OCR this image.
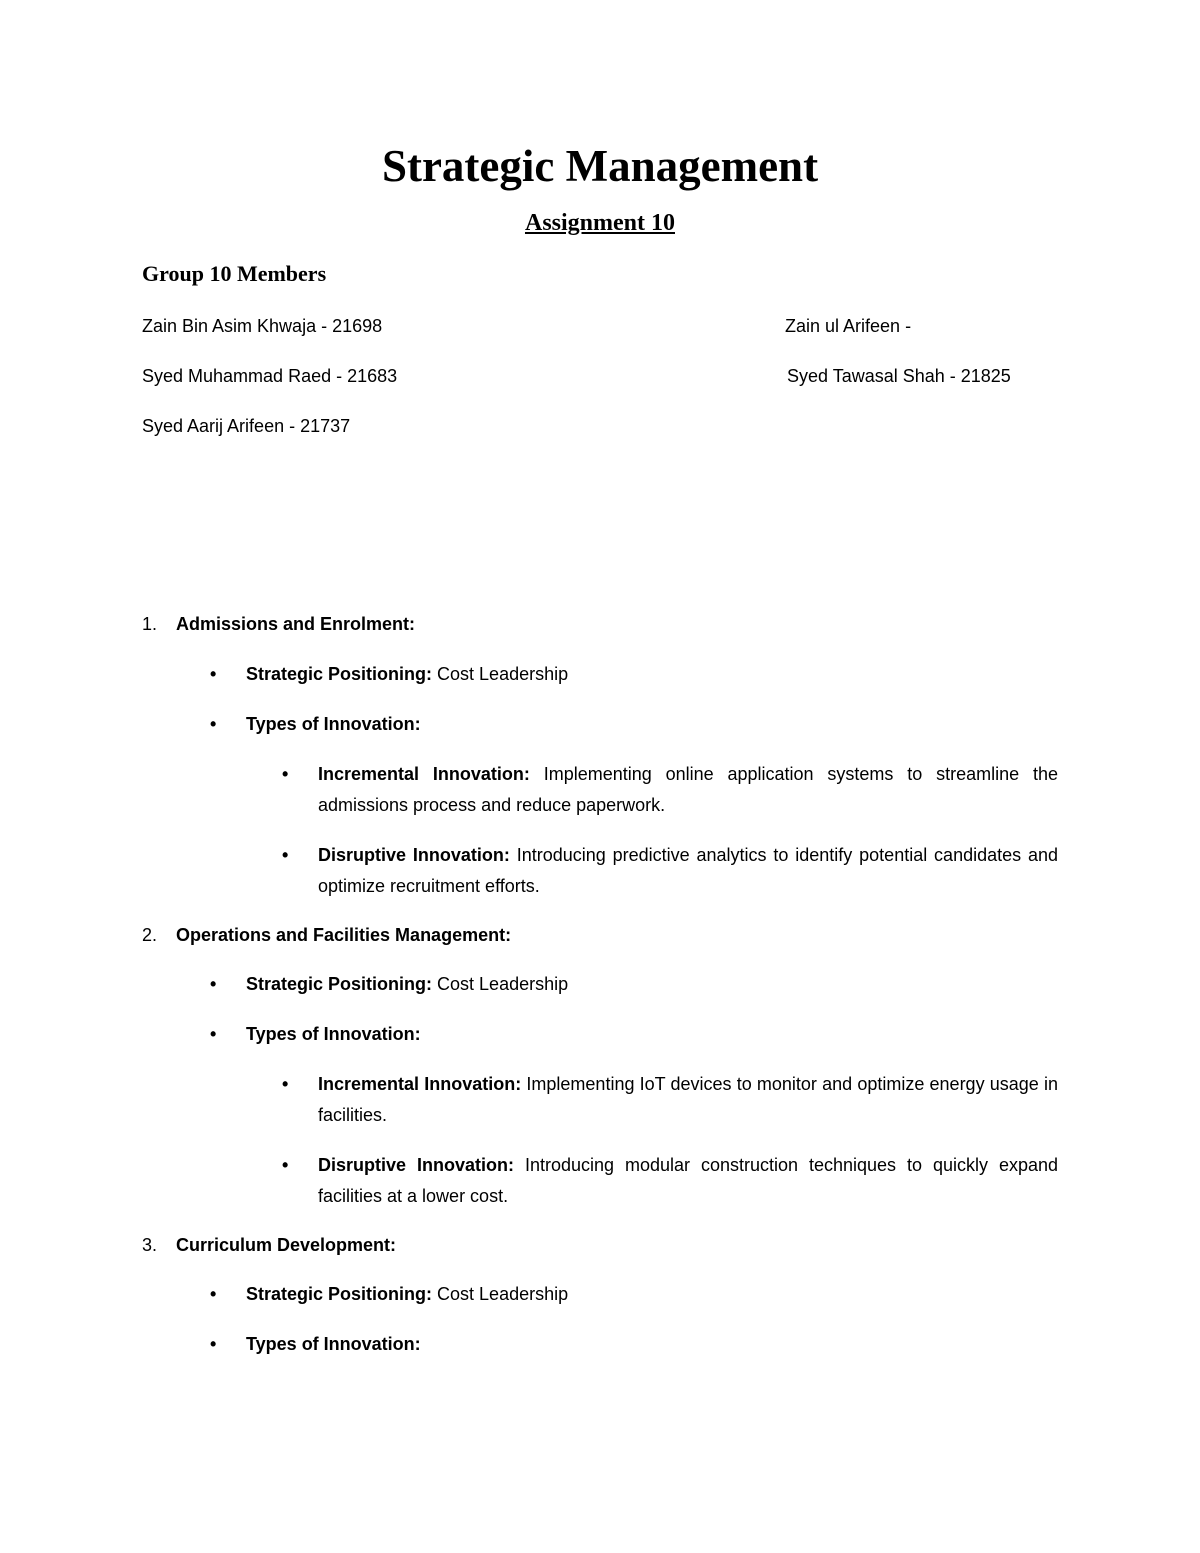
Strategic Management
Assignment 10
Group 10 Members
Zain Bin Asim Khwaja - 21698
Syed Muhammad Raed - 21683
Syed Aarij Arifeen - 21737
Zain ul Arifeen -
Syed Tawasal Shah - 21825
1. Admissions and Enrolment:
• Strategic Positioning: Cost Leadership
• Types of Innovation:
• Incremental Innovation: Implementing online application systems to streamline the admissions process and reduce paperwork.
• Disruptive Innovation: Introducing predictive analytics to identify potential candidates and optimize recruitment efforts.
2. Operations and Facilities Management:
• Strategic Positioning: Cost Leadership
• Types of Innovation:
• Incremental Innovation: Implementing IoT devices to monitor and optimize energy usage in facilities.
• Disruptive Innovation: Introducing modular construction techniques to quickly expand facilities at a lower cost.
3. Curriculum Development:
• Strategic Positioning: Cost Leadership
• Types of Innovation:
